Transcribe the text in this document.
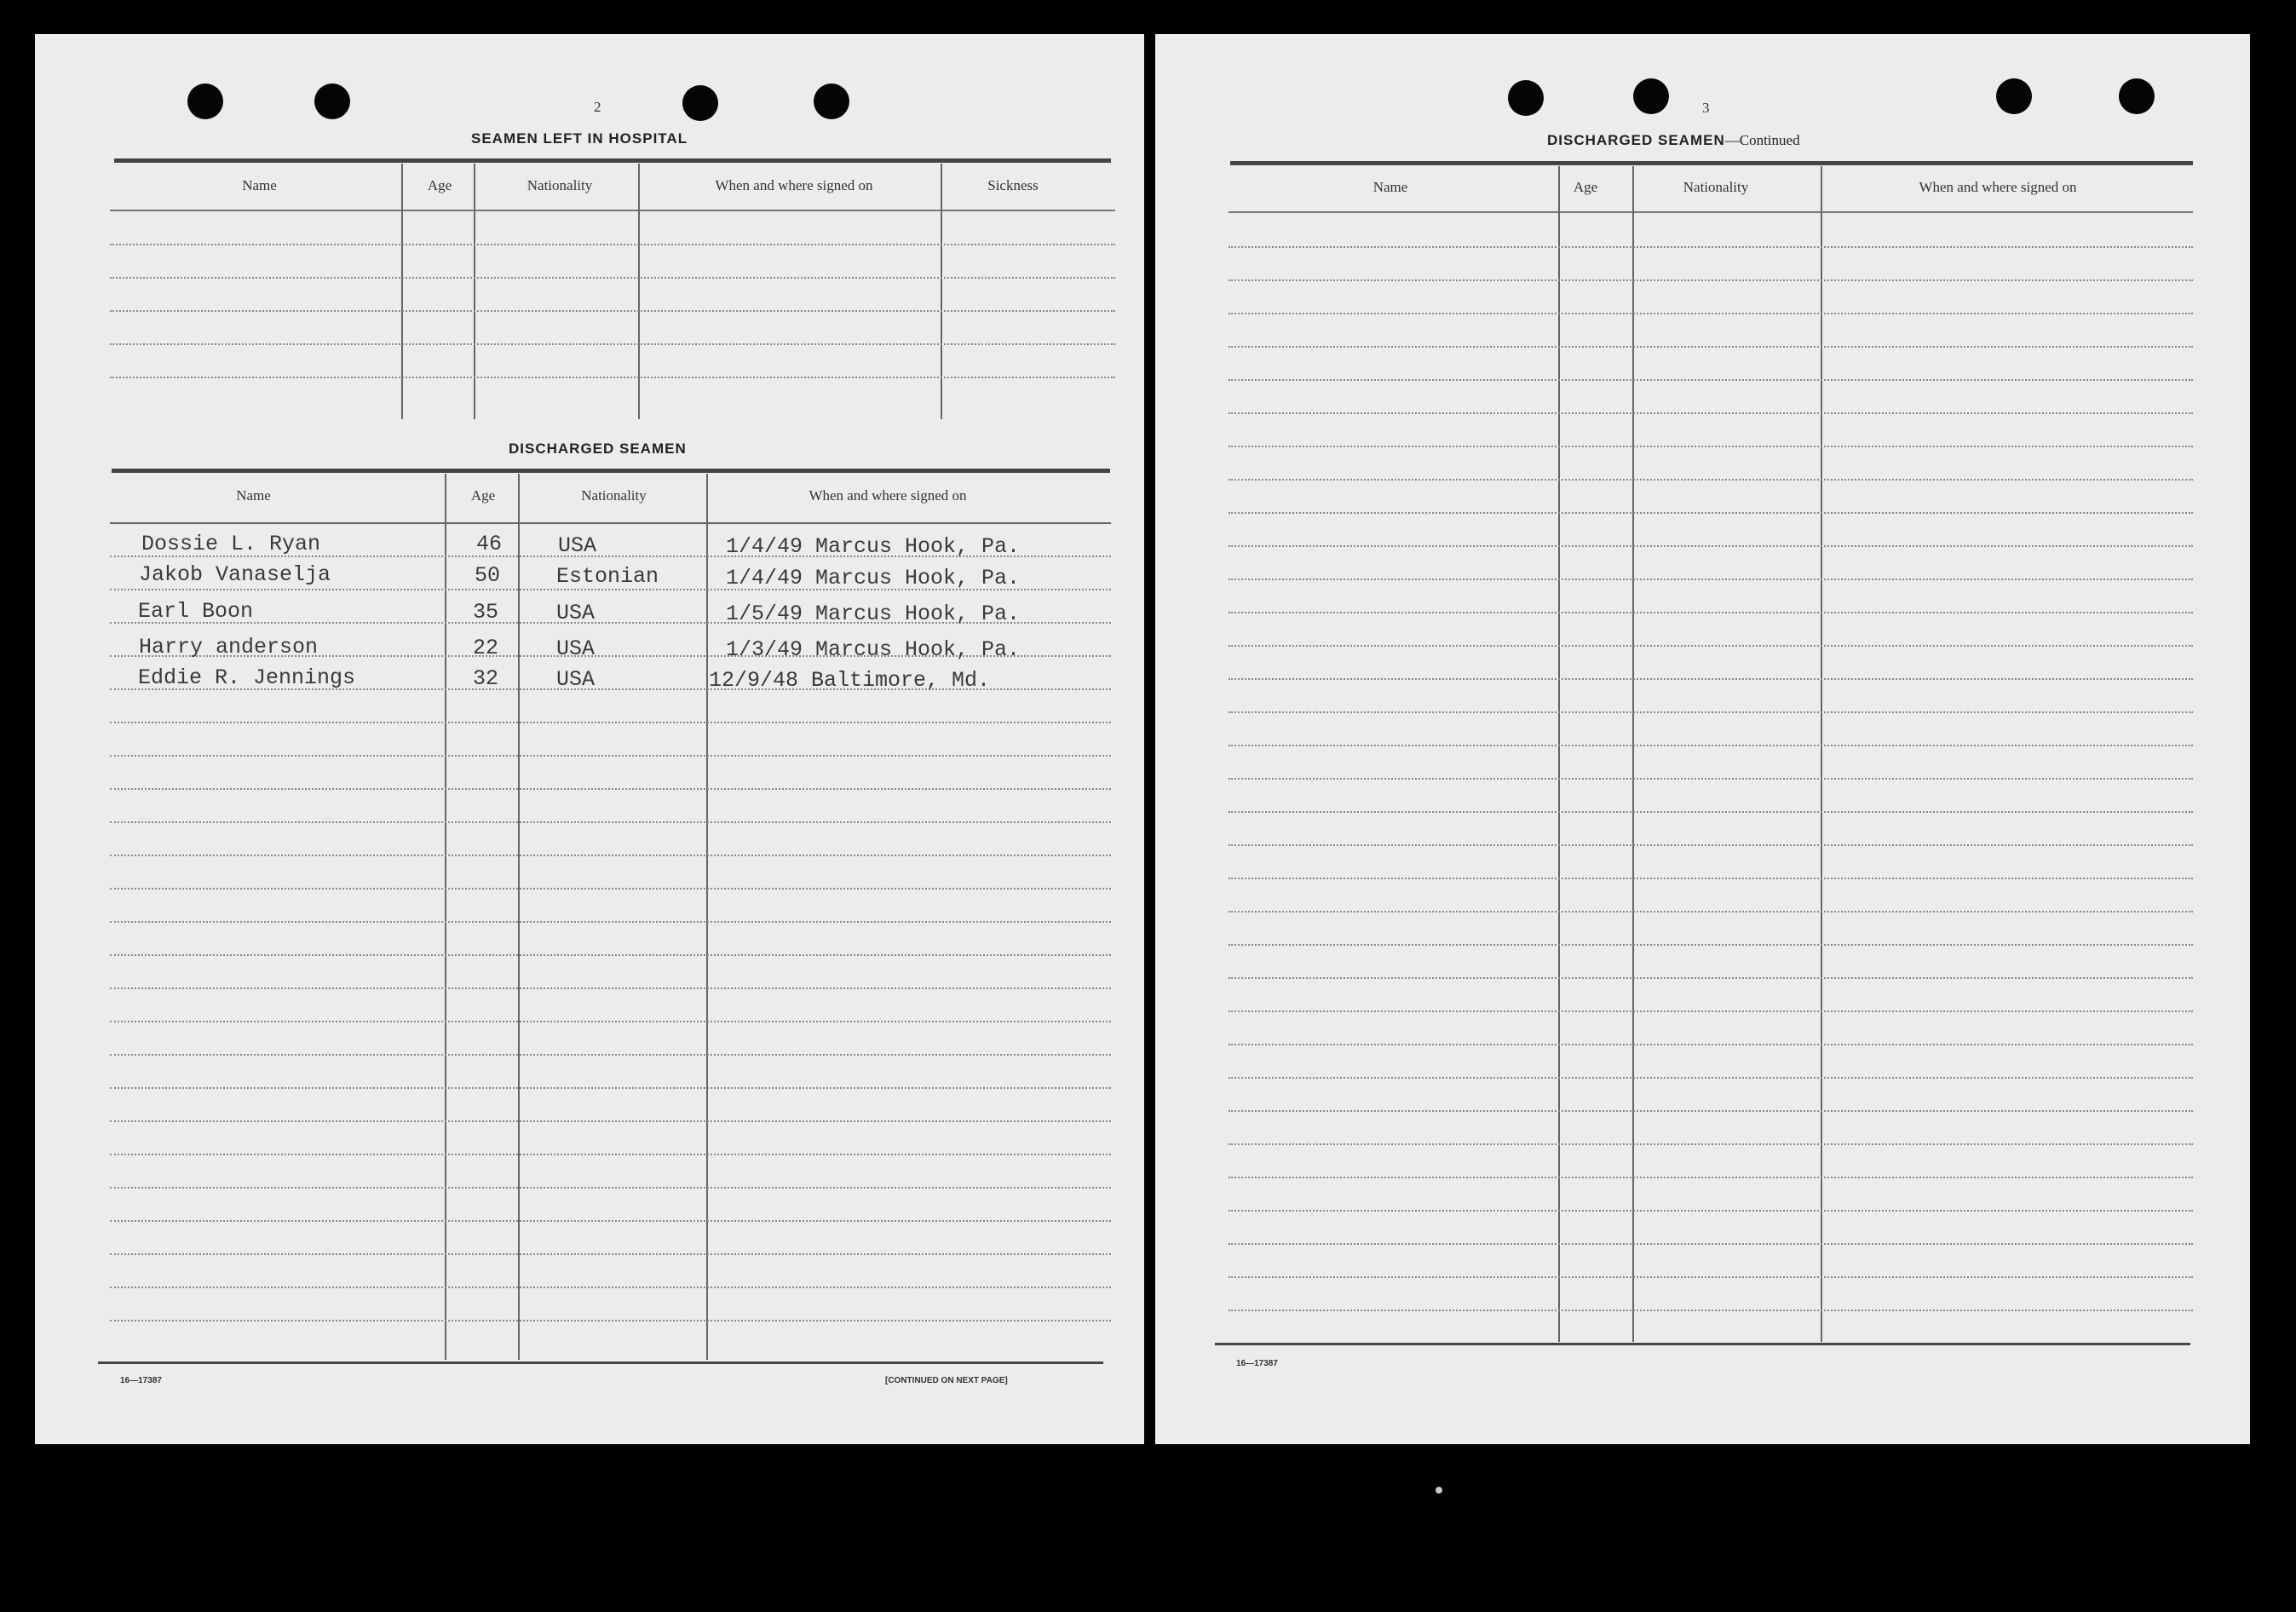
2
SEAMEN LEFT IN HOSPITAL
Name	Age	Nationality	When and where signed on	Sickness
DISCHARGED SEAMEN
Name	Age	Nationality	When and where signed on
Dossie L. Ryan	46	USA	1/4/49 Marcus Hook, Pa.
Jakob Vanaselja	50	Estonian	1/4/49 Marcus Hook, Pa.
Earl Boon	35	USA	1/5/49 Marcus Hook, Pa.
Harry anderson	22	USA	1/3/49 Marcus Hook, Pa.
Eddie R. Jennings	32	USA	12/9/48 Baltimore, Md.
16—17387	[CONTINUED ON NEXT PAGE]
3
DISCHARGED SEAMEN—Continued
Name	Age	Nationality	When and where signed on
16—17387
